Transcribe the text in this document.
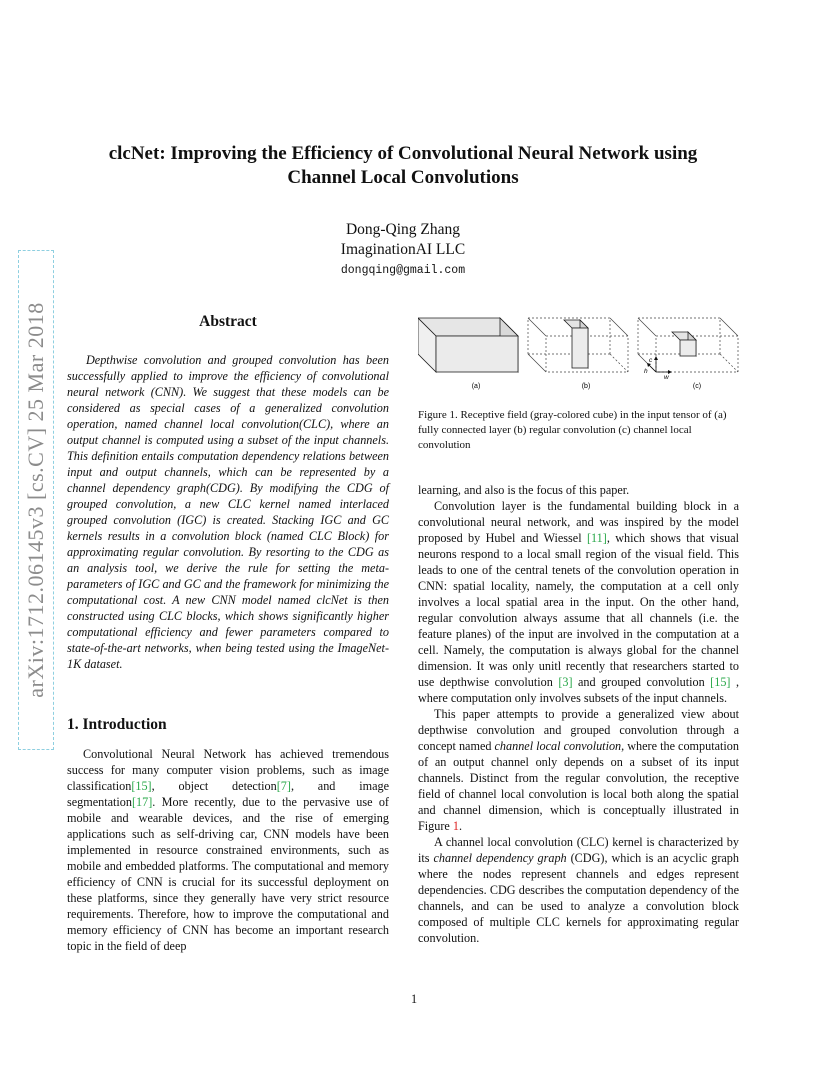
arXiv:1712.06145v3 [cs.CV] 25 Mar 2018
clcNet: Improving the Efficiency of Convolutional Neural Network using
Channel Local Convolutions
Dong-Qing Zhang
ImaginationAI LLC
dongqing@gmail.com
Abstract

Depthwise convolution and grouped convolution has been successfully applied to improve the efficiency of convolutional neural network (CNN). We suggest that these models can be considered as special cases of a generalized convolution operation, named channel local convolution(CLC), where an output channel is computed using a subset of the input channels. This definition entails computation dependency relations between input and output channels, which can be represented by a channel dependency graph(CDG). By modifying the CDG of grouped convolution, a new CLC kernel named interlaced grouped convolution (IGC) is created. Stacking IGC and GC kernels results in a convolution block (named CLC Block) for approximating regular convolution. By resorting to the CDG as an analysis tool, we derive the rule for setting the meta-parameters of IGC and GC and the framework for minimizing the computational cost. A new CNN model named clcNet is then constructed using CLC blocks, which shows significantly higher computational efficiency and fewer parameters compared to state-of-the-art networks, when being tested using the ImageNet-1K dataset.

1. Introduction

Convolutional Neural Network has achieved tremendous success for many computer vision problems, such as image classification[15], object detection[7], and image segmentation[17]. More recently, due to the pervasive use of mobile and wearable devices, and the rise of emerging applications such as self-driving car, CNN models have been implemented in resource constrained environments, such as mobile and embedded platforms. The computational and memory efficiency of CNN is crucial for its successful deployment on these platforms, since they generally have very strict resource requirements. Therefore, how to improve the computational and memory efficiency of CNN has become an important research topic in the field of deep

c
h
w
(a)	(b)	(c)
Figure 1. Receptive field (gray-colored cube) in the input tensor of (a) fully connected layer (b) regular convolution (c) channel local convolution

learning, and also is the focus of this paper.

Convolution layer is the fundamental building block in a convolutional neural network, and was inspired by the model proposed by Hubel and Wiessel [11], which shows that visual neurons respond to a local small region of the visual field. This leads to one of the central tenets of the convolution operation in CNN: spatial locality, namely, the computation at a cell only involves a local spatial area in the input. On the other hand, regular convolution always assume that all channels (i.e. the feature planes) of the input are involved in the computation at a cell. Namely, the computation is always global for the channel dimension. It was only unitl recently that researchers started to use depthwise convolution [3] and grouped convolution [15] , where computation only involves subsets of the input channels.

This paper attempts to provide a generalized view about depthwise convolution and grouped convolution through a concept named channel local convolution, where the computation of an output channel only depends on a subset of its input channels. Distinct from the regular convolution, the receptive field of channel local convolution is local both along the spatial and channel dimension, which is conceptually illustrated in Figure 1.

A channel local convolution (CLC) kernel is characterized by its channel dependency graph (CDG), which is an acyclic graph where the nodes represent channels and edges represent dependencies. CDG describes the computation dependency of the channels, and can be used to analyze a convolution block composed of multiple CLC kernels for approximating regular convolution.

1
